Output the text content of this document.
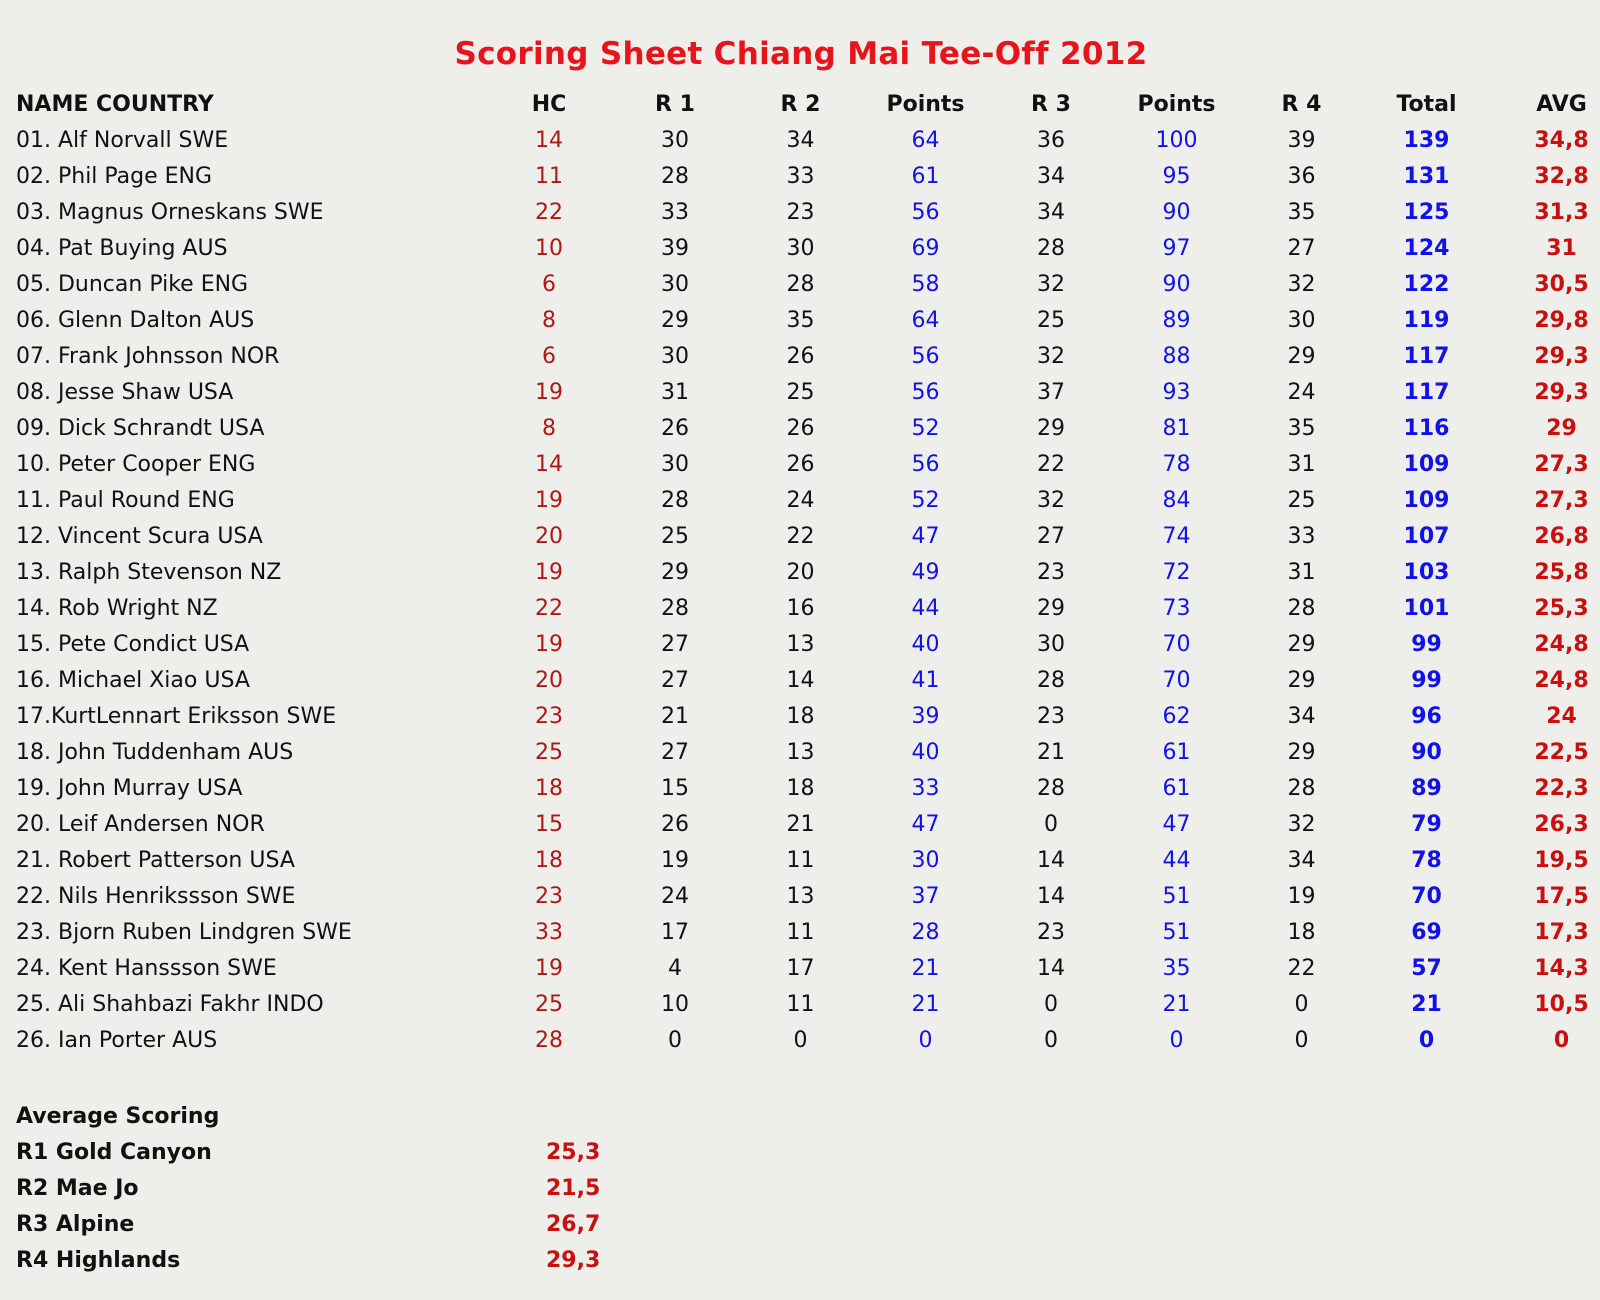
Scoring Sheet Chiang Mai Tee-Off 2012
NAME COUNTRY	HC	R 1	R 2	Points	R 3	Points	R 4	Total	AVG
01. Alf Norvall SWE	14	30	34	64	36	100	39	139	34,8
02. Phil Page ENG	11	28	33	61	34	95	36	131	32,8
03. Magnus Orneskans SWE	22	33	23	56	34	90	35	125	31,3
04. Pat Buying AUS	10	39	30	69	28	97	27	124	31
05. Duncan Pike ENG	6	30	28	58	32	90	32	122	30,5
06. Glenn Dalton AUS	8	29	35	64	25	89	30	119	29,8
07. Frank Johnsson NOR	6	30	26	56	32	88	29	117	29,3
08. Jesse Shaw USA	19	31	25	56	37	93	24	117	29,3
09. Dick Schrandt USA	8	26	26	52	29	81	35	116	29
10. Peter Cooper ENG	14	30	26	56	22	78	31	109	27,3
11. Paul Round ENG	19	28	24	52	32	84	25	109	27,3
12. Vincent Scura USA	20	25	22	47	27	74	33	107	26,8
13. Ralph Stevenson NZ	19	29	20	49	23	72	31	103	25,8
14. Rob Wright NZ	22	28	16	44	29	73	28	101	25,3
15. Pete Condict USA	19	27	13	40	30	70	29	99	24,8
16. Michael Xiao USA	20	27	14	41	28	70	29	99	24,8
17.KurtLennart Eriksson SWE	23	21	18	39	23	62	34	96	24
18. John Tuddenham AUS	25	27	13	40	21	61	29	90	22,5
19. John Murray USA	18	15	18	33	28	61	28	89	22,3
20. Leif Andersen NOR	15	26	21	47	0	47	32	79	26,3
21. Robert Patterson USA	18	19	11	30	14	44	34	78	19,5
22. Nils Henrikssson SWE	23	24	13	37	14	51	19	70	17,5
23. Bjorn Ruben Lindgren SWE	33	17	11	28	23	51	18	69	17,3
24. Kent Hanssson SWE	19	4	17	21	14	35	22	57	14,3
25. Ali Shahbazi Fakhr INDO	25	10	11	21	0	21	0	21	10,5
26. Ian Porter AUS	28	0	0	0	0	0	0	0	0
Average Scoring
R1 Gold Canyon	25,3
R2 Mae Jo	21,5
R3 Alpine	26,7
R4 Highlands	29,3
